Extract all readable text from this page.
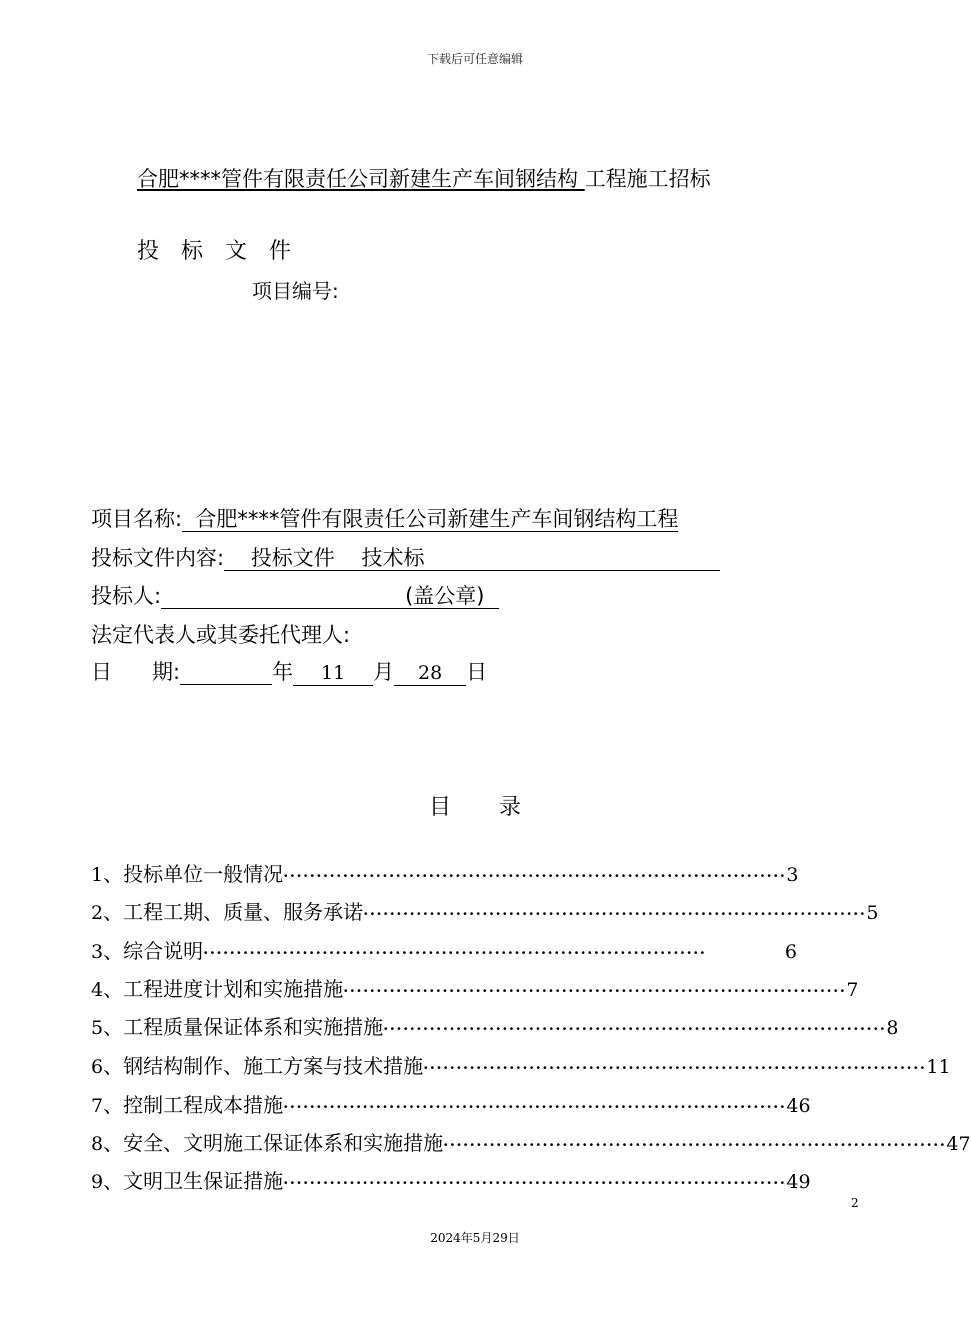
下载后可任意编辑
合肥****管件有限责任公司新建生产车间钢结构 工程施工招标
投标文件
项目编号:
项目名称:  合肥****管件有限责任公司新建生产车间钢结构工程
投标文件内容:    投标文件    技术标
投标人:	(盖公章)
法定代表人或其委托代理人:
日      期:	年 11 月 28 日
目 录
1 、投标单位一般情况 ············································································ 3
2 、工程工期、质量、服务承诺 ············································································ 5
3 、综合说明 ············································································	6
4 、工程进度计划和实施措施 ············································································ 7
5 、工程质量保证体系和实施措施 ············································································ 8
6 、钢结构制作、施工方案与技术措施 ············································································ 11
7 、控制工程成本措施 ············································································ 46
8 、安全、文明施工保证体系和实施措施 ············································································ 47
9 、文明卫生保证措施 ············································································ 49
2
2024年5月29日
